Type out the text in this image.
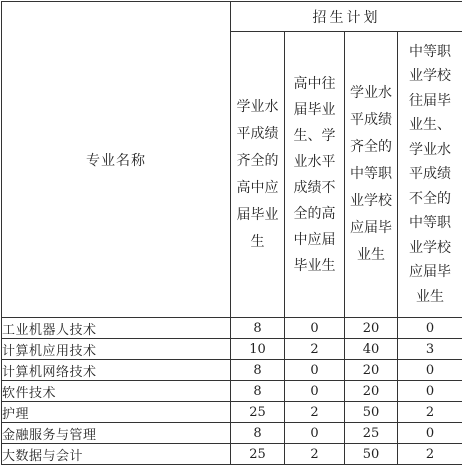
专业名称	招生计划			

	学业水平成绩齐全的高中应届毕业生	高中往届毕业生、学业水平成绩不全的高中应届毕业生	学业水平成绩齐全的中等职业学校应届毕业生	中等职业学校往届毕业生、学业水平成绩不全的中等职业学校应届毕业生

工业机器人技术	8	0	20	0
计算机应用技术	10	2	40	3
计算机网络技术	8	0	20	0
软件技术	8	0	20	0
护理	25	2	50	2
金融服务与管理	8	0	25	0
大数据与会计	25	2	50	2
